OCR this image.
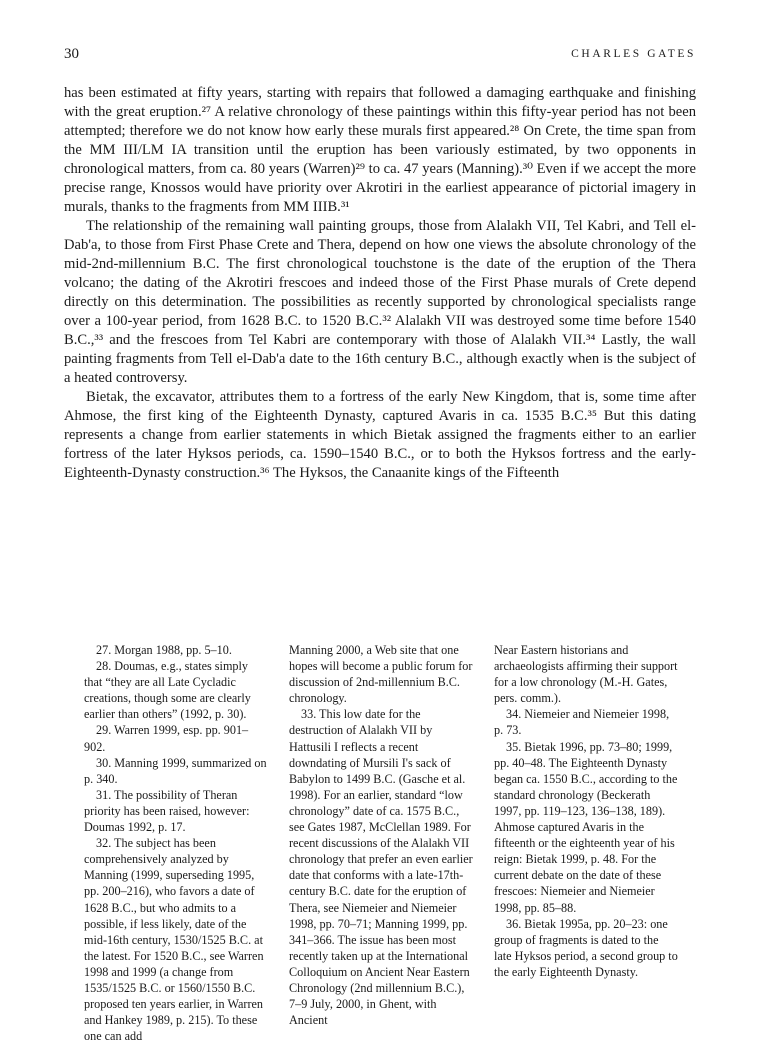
30	CHARLES GATES

has been estimated at fifty years, starting with repairs that followed a damaging earthquake and finishing with the great eruption.²⁷ A relative chronology of these paintings within this fifty-year period has not been attempted; therefore we do not know how early these murals first appeared.²⁸ On Crete, the time span from the MM III/LM IA transition until the eruption has been variously estimated, by two opponents in chronological matters, from ca. 80 years (Warren)²⁹ to ca. 47 years (Manning).³⁰ Even if we accept the more precise range, Knossos would have priority over Akrotiri in the earliest appearance of pictorial imagery in murals, thanks to the fragments from MM IIIB.³¹

The relationship of the remaining wall painting groups, those from Alalakh VII, Tel Kabri, and Tell el-Dab'a, to those from First Phase Crete and Thera, depend on how one views the absolute chronology of the mid-2nd-millennium B.C. The first chronological touchstone is the date of the eruption of the Thera volcano; the dating of the Akrotiri frescoes and indeed those of the First Phase murals of Crete depend directly on this determination. The possibilities as recently supported by chronological specialists range over a 100-year period, from 1628 B.C. to 1520 B.C.³² Alalakh VII was destroyed some time before 1540 B.C.,³³ and the frescoes from Tel Kabri are contemporary with those of Alalakh VII.³⁴ Lastly, the wall painting fragments from Tell el-Dab'a date to the 16th century B.C., although exactly when is the subject of a heated controversy.

Bietak, the excavator, attributes them to a fortress of the early New Kingdom, that is, some time after Ahmose, the first king of the Eighteenth Dynasty, captured Avaris in ca. 1535 B.C.³⁵ But this dating represents a change from earlier statements in which Bietak assigned the fragments either to an earlier fortress of the later Hyksos periods, ca. 1590–1540 B.C., or to both the Hyksos fortress and the early-Eighteenth-Dynasty construction.³⁶ The Hyksos, the Canaanite kings of the Fifteenth

27. Morgan 1988, pp. 5–10.

28. Doumas, e.g., states simply that “they are all Late Cycladic creations, though some are clearly earlier than others” (1992, p. 30).

29. Warren 1999, esp. pp. 901–902.

30. Manning 1999, summarized on p. 340.

31. The possibility of Theran priority has been raised, however: Doumas 1992, p. 17.

32. The subject has been comprehensively analyzed by Manning (1999, superseding 1995, pp. 200–216), who favors a date of 1628 B.C., but who admits to a possible, if less likely, date of the mid-16th century, 1530/1525 B.C. at the latest. For 1520 B.C., see Warren 1998 and 1999 (a change from 1535/1525 B.C. or 1560/1550 B.C. proposed ten years earlier, in Warren and Hankey 1989, p. 215). To these one can add

Manning 2000, a Web site that one hopes will become a public forum for discussion of 2nd-millennium B.C. chronology.

33. This low date for the destruction of Alalakh VII by Hattusili I reflects a recent downdating of Mursili I's sack of Babylon to 1499 B.C. (Gasche et al. 1998). For an earlier, standard “low chronology” date of ca. 1575 B.C., see Gates 1987, McClellan 1989. For recent discussions of the Alalakh VII chronology that prefer an even earlier date that conforms with a late-17th-century B.C. date for the eruption of Thera, see Niemeier and Niemeier 1998, pp. 70–71; Manning 1999, pp. 341–366. The issue has been most recently taken up at the International Colloquium on Ancient Near Eastern Chronology (2nd millennium B.C.), 7–9 July, 2000, in Ghent, with Ancient

Near Eastern historians and archaeologists affirming their support for a low chronology (M.-H. Gates, pers. comm.).

34. Niemeier and Niemeier 1998, p. 73.

35. Bietak 1996, pp. 73–80; 1999, pp. 40–48. The Eighteenth Dynasty began ca. 1550 B.C., according to the standard chronology (Beckerath 1997, pp. 119–123, 136–138, 189). Ahmose captured Avaris in the fifteenth or the eighteenth year of his reign: Bietak 1999, p. 48. For the current debate on the date of these frescoes: Niemeier and Niemeier 1998, pp. 85–88.

36. Bietak 1995a, pp. 20–23: one group of fragments is dated to the late Hyksos period, a second group to the early Eighteenth Dynasty.
